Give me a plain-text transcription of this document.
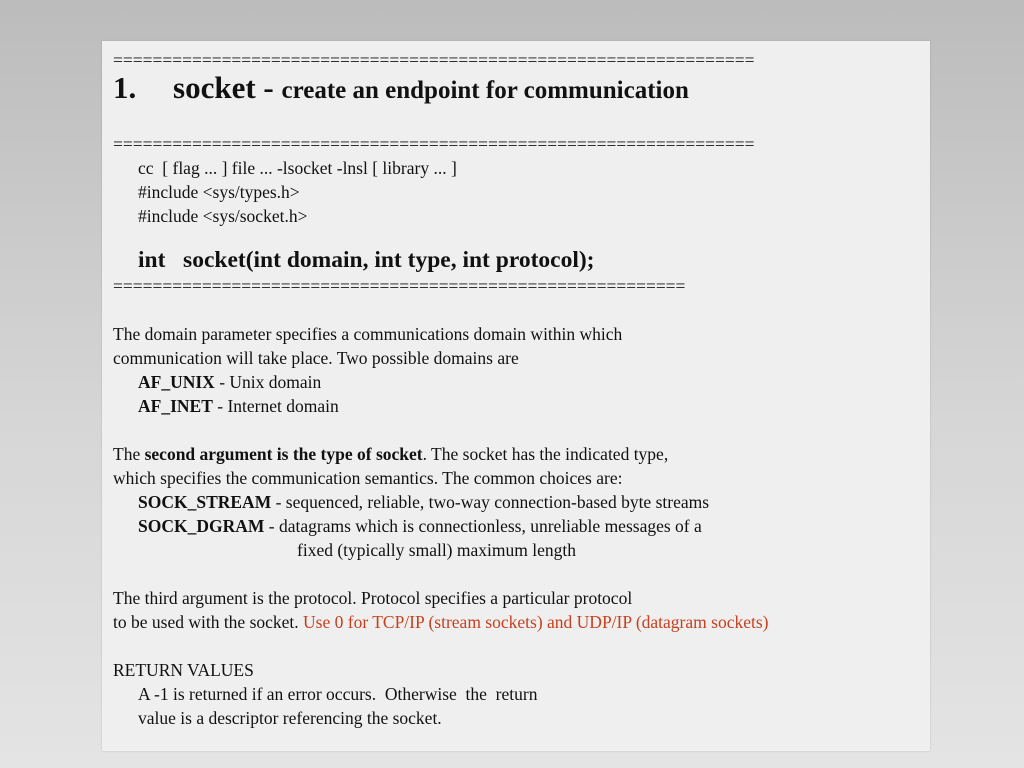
=================================================================
1. socket - create an endpoint for communication
=================================================================
cc  [ flag ... ] file ... -lsocket -lnsl [ library ... ]
#include <sys/types.h>
#include <sys/socket.h>
int   socket(int domain, int type, int protocol);
==========================================================
The domain parameter specifies a communications domain within which
communication will take place. Two possible domains are
AF_UNIX - Unix domain
AF_INET - Internet domain
The second argument is the type of socket. The socket has the indicated type,
which specifies the communication semantics. The common choices are:
SOCK_STREAM - sequenced, reliable, two-way connection-based byte streams
SOCK_DGRAM - datagrams which is connectionless, unreliable messages of a
fixed (typically small) maximum length
The third argument is the protocol. Protocol specifies a particular protocol
to be used with the socket. Use 0 for TCP/IP (stream sockets) and UDP/IP (datagram sockets)
RETURN VALUES
A -1 is returned if an error occurs.  Otherwise  the  return
value is a descriptor referencing the socket.
